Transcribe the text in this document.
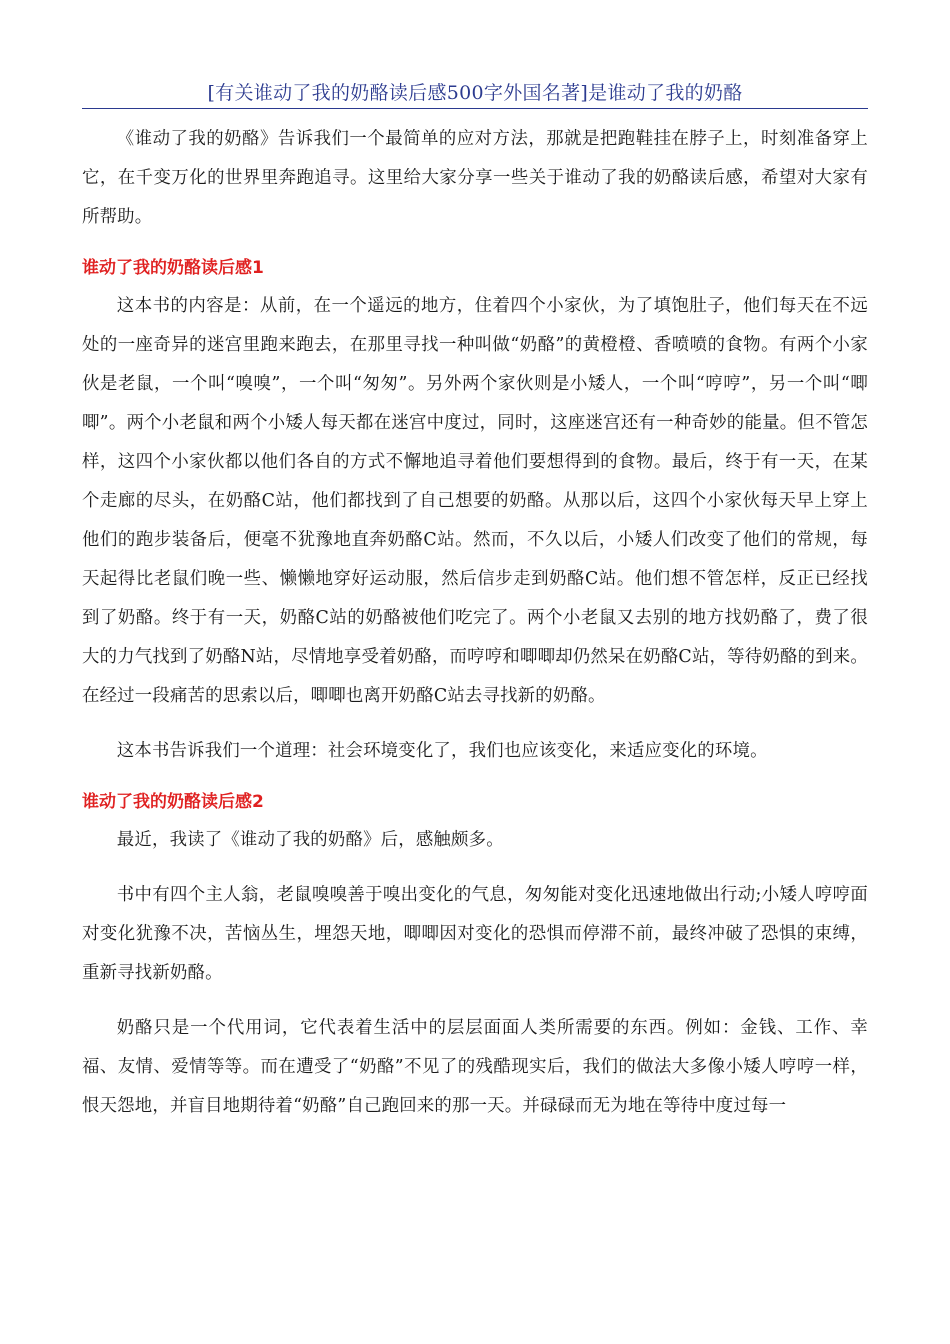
[有关谁动了我的奶酪读后感500字外国名著]是谁动了我的奶酪

《谁动了我的奶酪》告诉我们一个最简单的应对方法，那就是把跑鞋挂在脖子上，时刻准备穿上它，在千变万化的世界里奔跑追寻。这里给大家分享一些关于谁动了我的奶酪读后感，希望对大家有所帮助。

谁动了我的奶酪读后感1

这本书的内容是：从前，在一个遥远的地方，住着四个小家伙，为了填饱肚子，他们每天在不远处的一座奇异的迷宫里跑来跑去，在那里寻找一种叫做“奶酪”的黄橙橙、香喷喷的食物。有两个小家伙是老鼠，一个叫“嗅嗅”，一个叫“匆匆”。另外两个家伙则是小矮人，一个叫“哼哼”，另一个叫“唧唧”。两个小老鼠和两个小矮人每天都在迷宫中度过，同时，这座迷宫还有一种奇妙的能量。但不管怎样，这四个小家伙都以他们各自的方式不懈地追寻着他们要想得到的食物。最后，终于有一天，在某个走廊的尽头，在奶酪C站，他们都找到了自己想要的奶酪。从那以后，这四个小家伙每天早上穿上他们的跑步装备后，便毫不犹豫地直奔奶酪C站。然而，不久以后，小矮人们改变了他们的常规，每天起得比老鼠们晚一些、懒懒地穿好运动服，然后信步走到奶酪C站。他们想不管怎样，反正已经找到了奶酪。终于有一天，奶酪C站的奶酪被他们吃完了。两个小老鼠又去别的地方找奶酪了，费了很大的力气找到了奶酪N站，尽情地享受着奶酪，而哼哼和唧唧却仍然呆在奶酪C站，等待奶酪的到来。在经过一段痛苦的思索以后，唧唧也离开奶酪C站去寻找新的奶酪。

这本书告诉我们一个道理：社会环境变化了，我们也应该变化，来适应变化的环境。

谁动了我的奶酪读后感2

最近，我读了《谁动了我的奶酪》后，感触颇多。

书中有四个主人翁，老鼠嗅嗅善于嗅出变化的气息，匆匆能对变化迅速地做出行动;小矮人哼哼面对变化犹豫不决，苦恼丛生，埋怨天地，唧唧因对变化的恐惧而停滞不前，最终冲破了恐惧的束缚，重新寻找新奶酪。

奶酪只是一个代用词，它代表着生活中的层层面面人类所需要的东西。例如：金钱、工作、幸福、友情、爱情等等。而在遭受了“奶酪”不见了的残酷现实后，我们的做法大多像小矮人哼哼一样，恨天怨地，并盲目地期待着“奶酪”自己跑回来的那一天。并碌碌而无为地在等待中度过每一
